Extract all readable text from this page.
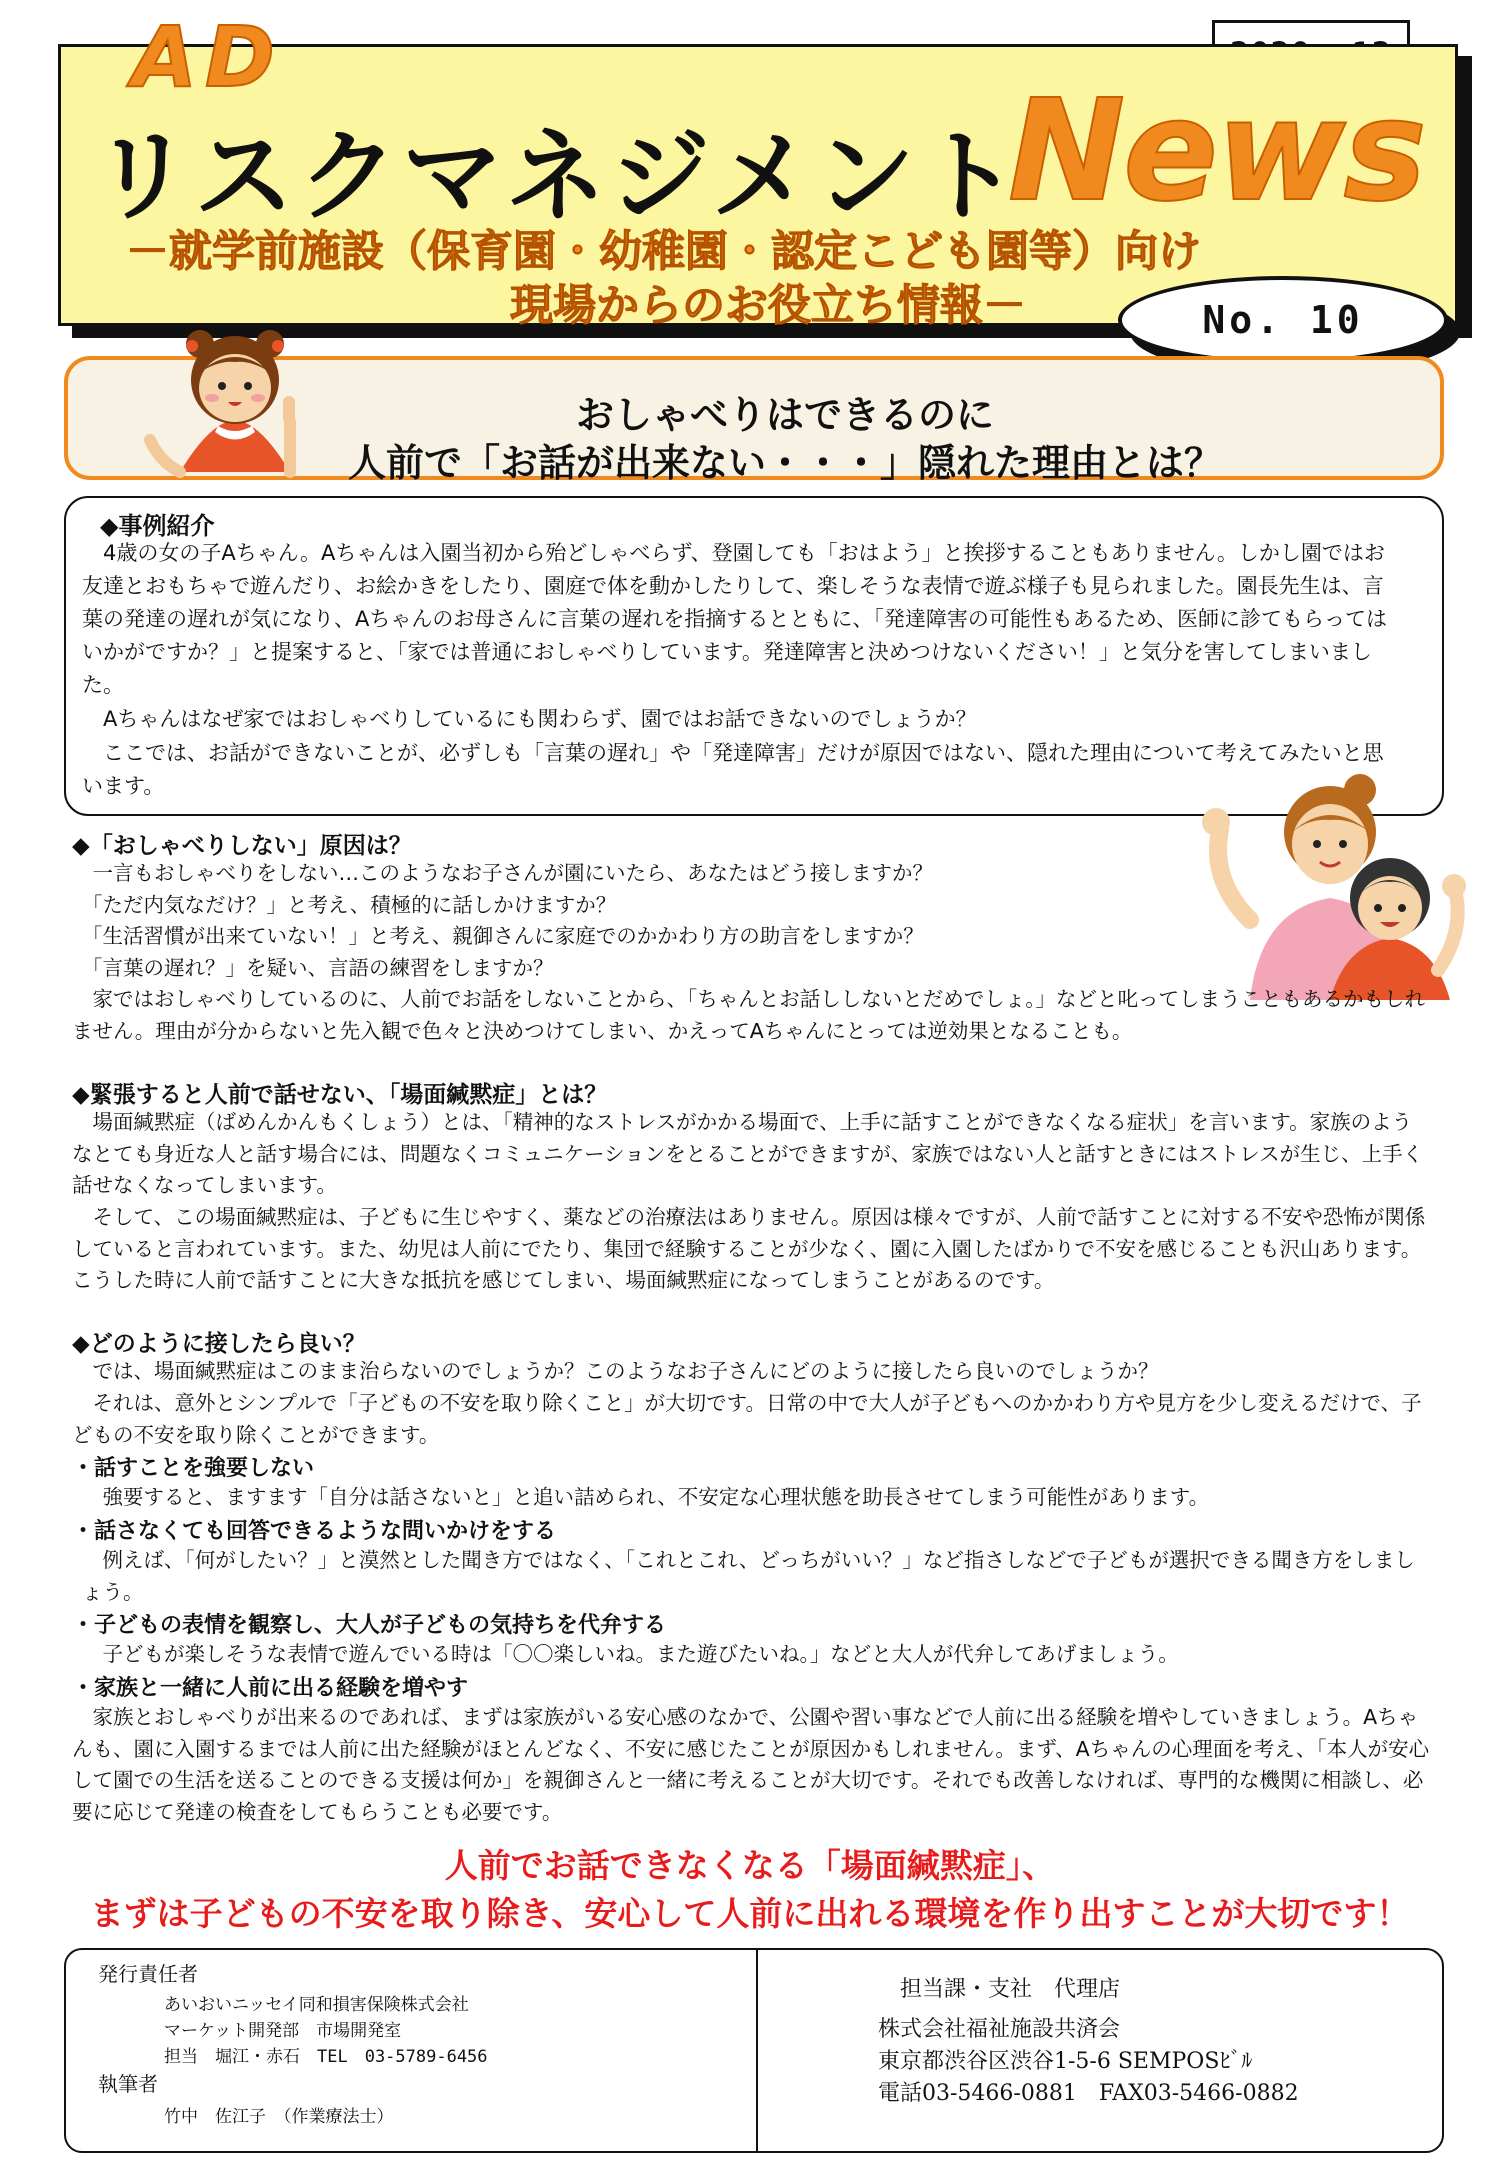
AD
リスクマネジメント
News
－就学前施設（保育園・幼稚園・認定こども園等）向け
現場からのお役立ち情報－	No. 10
おしゃべりはできるのに
人前で「お話が出来ない・・・」隠れた理由とは？
◆事例紹介
4歳の女の子Aちゃん。Aちゃんは入園当初から殆どしゃべらず、登園しても「おはよう」と挨拶することもありません。しかし園ではお友達とおもちゃで遊んだり、お絵かきをしたり、園庭で体を動かしたりして、楽しそうな表情で遊ぶ様子も見られました。園長先生は、言葉の発達の遅れが気になり、Aちゃんのお母さんに言葉の遅れを指摘するとともに、「発達障害の可能性もあるため、医師に診てもらってはいかがですか？」と提案すると、「家では普通におしゃべりしています。発達障害と決めつけないください！」と気分を害してしまいました。
Aちゃんはなぜ家ではおしゃべりしているにも関わらず、園ではお話できないのでしょうか？
ここでは、お話ができないことが、必ずしも「言葉の遅れ」や「発達障害」だけが原因ではない、隠れた理由について考えてみたいと思います。
◆「おしゃべりしない」原因は？
一言もおしゃべりをしない…このようなお子さんが園にいたら、あなたはどう接しますか？
「ただ内気なだけ？」と考え、積極的に話しかけますか？
「生活習慣が出来ていない！」と考え、親御さんに家庭でのかかわり方の助言をしますか？
「言葉の遅れ？」を疑い、言語の練習をしますか？
家ではおしゃべりしているのに、人前でお話をしないことから、「ちゃんとお話ししないとだめでしょ。」などと叱ってしまうこともあるかもしれません。理由が分からないと先入観で色々と決めつけてしまい、かえってAちゃんにとっては逆効果となることも。
◆緊張すると人前で話せない、「場面緘黙症」とは？
場面緘黙症（ばめんかんもくしょう）とは、「精神的なストレスがかかる場面で、上手に話すことができなくなる症状」を言います。家族のようなとても身近な人と話す場合には、問題なくコミュニケーションをとることができますが、家族ではない人と話すときにはストレスが生じ、上手く話せなくなってしまいます。
そして、この場面緘黙症は、子どもに生じやすく、薬などの治療法はありません。原因は様々ですが、人前で話すことに対する不安や恐怖が関係していると言われています。また、幼児は人前にでたり、集団で経験することが少なく、園に入園したばかりで不安を感じることも沢山あります。こうした時に人前で話すことに大きな抵抗を感じてしまい、場面緘黙症になってしまうことがあるのです。
◆どのように接したら良い？
では、場面緘黙症はこのまま治らないのでしょうか？このようなお子さんにどのように接したら良いのでしょうか？
それは、意外とシンプルで「子どもの不安を取り除くこと」が大切です。日常の中で大人が子どもへのかかわり方や見方を少し変えるだけで、子どもの不安を取り除くことができます。
・話すことを強要しない
強要すると、ますます「自分は話さないと」と追い詰められ、不安定な心理状態を助長させてしまう可能性があります。
・話さなくても回答できるような問いかけをする
例えば、「何がしたい？」と漠然とした聞き方ではなく、「これとこれ、どっちがいい？」など指さしなどで子どもが選択できる聞き方をしましょう。
・子どもの表情を観察し、大人が子どもの気持ちを代弁する
子どもが楽しそうな表情で遊んでいる時は「〇〇楽しいね。また遊びたいね。」などと大人が代弁してあげましょう。
・家族と一緒に人前に出る経験を増やす
家族とおしゃべりが出来るのであれば、まずは家族がいる安心感のなかで、公園や習い事などで人前に出る経験を増やしていきましょう。Aちゃんも、園に入園するまでは人前に出た経験がほとんどなく、不安に感じたことが原因かもしれません。まず、Aちゃんの心理面を考え、「本人が安心して園での生活を送ることのできる支援は何か」を親御さんと一緒に考えることが大切です。それでも改善しなければ、専門的な機関に相談し、必要に応じて発達の検査をしてもらうことも必要です。
人前でお話できなくなる「場面緘黙症」、
まずは子どもの不安を取り除き、安心して人前に出れる環境を作り出すことが大切です！
発行責任者
あいおいニッセイ同和損害保険株式会社
マーケット開発部　市場開発室
担当　堀江・赤石　TEL　03-5789-6456
執筆者
竹中　佐江子　（作業療法士）
担当課・支社　代理店
株式会社福祉施設共済会
東京都渋谷区渋谷1-5-6 SEMPOSﾋﾞﾙ
電話03-5466-0881　FAX03-5466-0882
